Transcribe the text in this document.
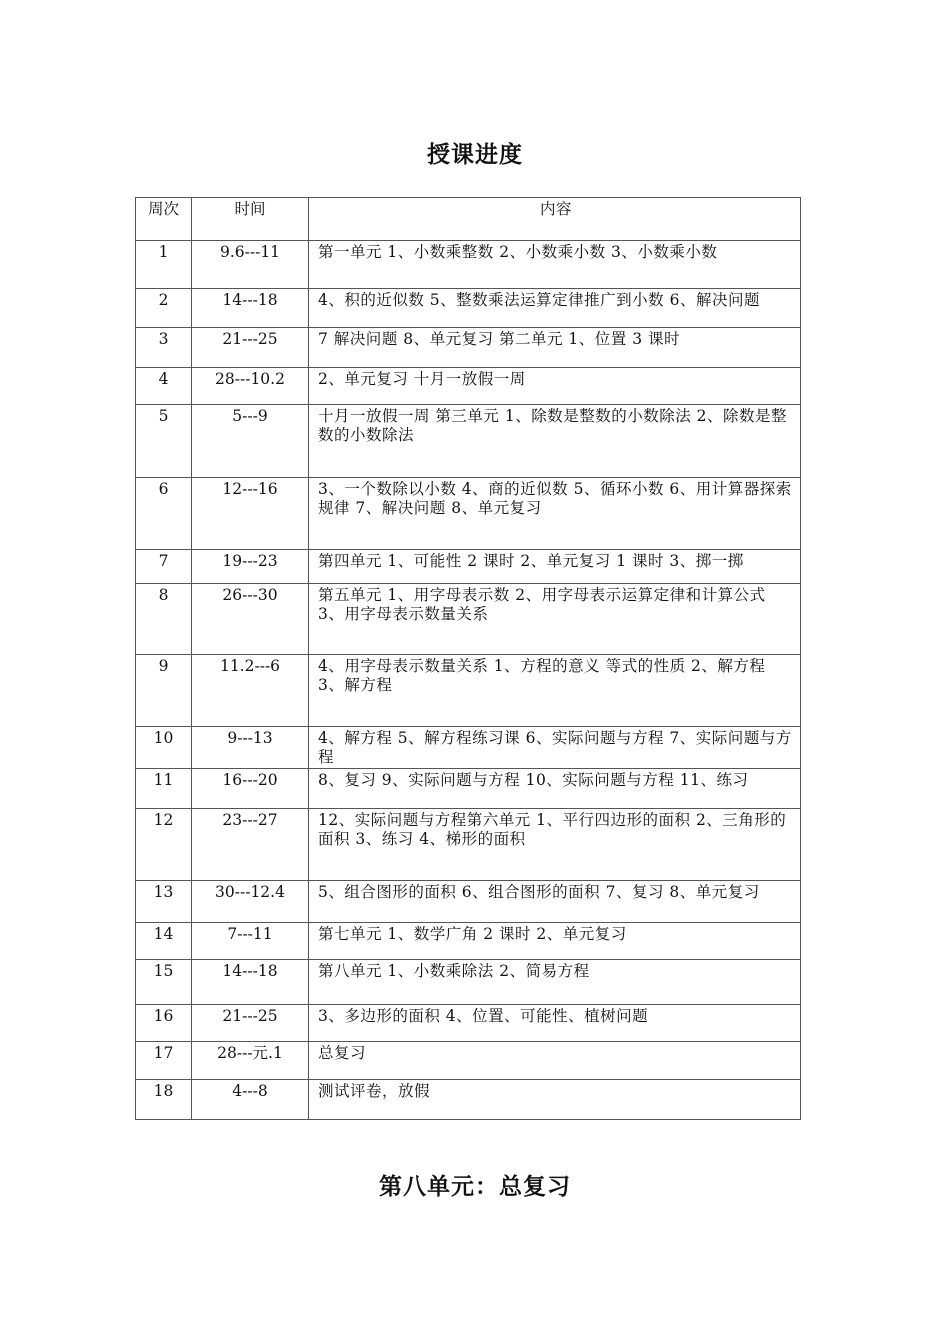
授课进度
周次	时间	内容
1	9.6---11	第一单元 1、小数乘整数 2、小数乘小数 3、小数乘小数
2	14---18	4、积的近似数 5、整数乘法运算定律推广到小数 6、解决问题
3	21---25	7 解决问题 8、单元复习 第二单元 1、位置 3 课时
4	28---10.2	2、单元复习 十月一放假一周
5	5---9	十月一放假一周 第三单元 1、除数是整数的小数除法 2、除数是整数的小数除法
6	12---16	3、一个数除以小数 4、商的近似数 5、循环小数 6、用计算器探索规律 7、解决问题 8、单元复习
7	19---23	第四单元 1、可能性 2 课时 2、单元复习 1 课时 3、掷一掷
8	26---30	第五单元 1、用字母表示数 2、用字母表示运算定律和计算公式 3、用字母表示数量关系
9	11.2---6	4、用字母表示数量关系 1、方程的意义 等式的性质 2、解方程 3、解方程
10	9---13	4、解方程 5、解方程练习课 6、实际问题与方程 7、实际问题与方程
11	16---20	8、复习 9、实际问题与方程 10、实际问题与方程 11、练习
12	23---27	12、实际问题与方程第六单元 1、平行四边形的面积 2、三角形的面积 3、练习 4、梯形的面积
13	30---12.4	5、组合图形的面积 6、组合图形的面积 7、复习 8、单元复习
14	7---11	第七单元 1、数学广角 2 课时 2、单元复习
15	14---18	第八单元 1、小数乘除法 2、简易方程
16	21---25	3、多边形的面积 4、位置、可能性、植树问题
17	28---元.1	总复习
18	4---8	测试评卷，放假
第八单元：总复习
